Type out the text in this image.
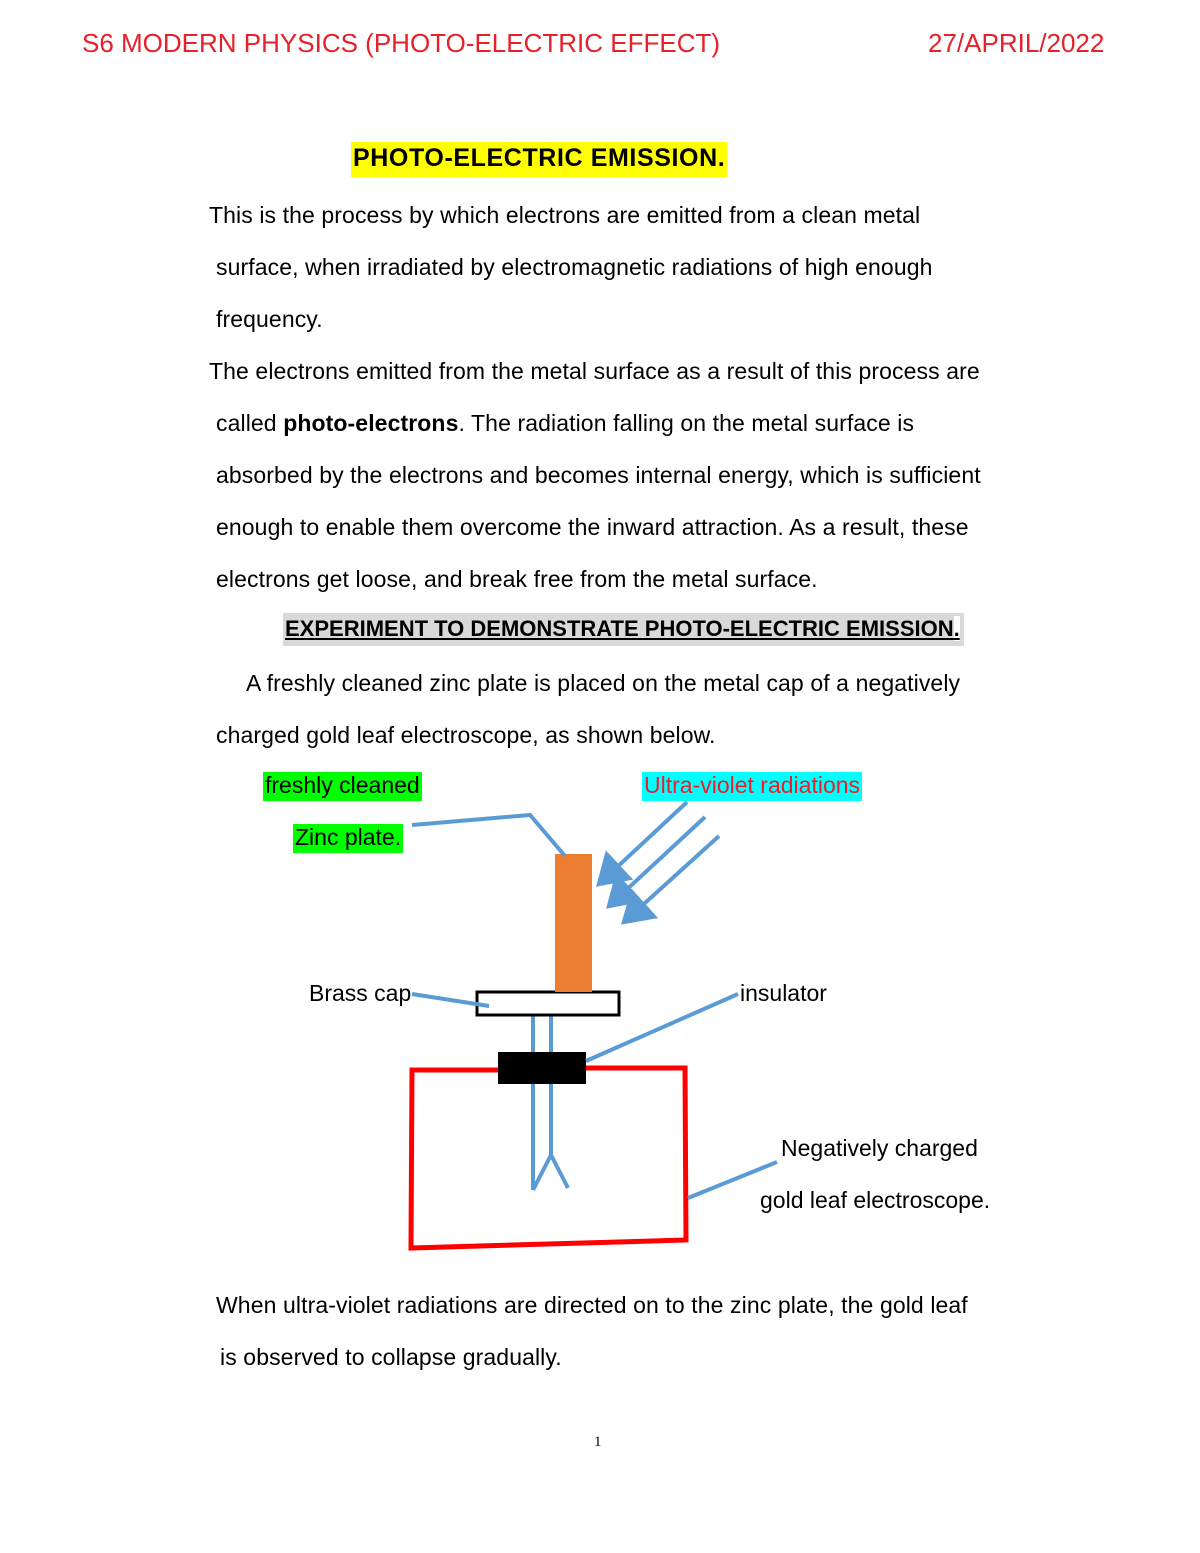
S6 MODERN PHYSICS (PHOTO-ELECTRIC EFFECT)	27/APRIL/2022
PHOTO-ELECTRIC EMISSION.
This is the process by which electrons are emitted from a clean metal
surface, when irradiated by electromagnetic radiations of high enough
frequency.
The electrons emitted from the metal surface as a result of this process are
called photo-electrons. The radiation falling on the metal surface is
absorbed by the electrons and becomes internal energy, which is sufficient
enough to enable them overcome the inward attraction. As a result, these
electrons get loose, and break free from the metal surface.
EXPERIMENT TO DEMONSTRATE PHOTO-ELECTRIC EMISSION.
A freshly cleaned zinc plate is placed on the metal cap of a negatively
charged gold leaf electroscope, as shown below.
freshly cleaned
Zinc plate.
Ultra-violet radiations
Brass cap	insulator
Negatively charged
gold leaf electroscope.
When ultra-violet radiations are directed on to the zinc plate, the gold leaf
is observed to collapse gradually.
1
